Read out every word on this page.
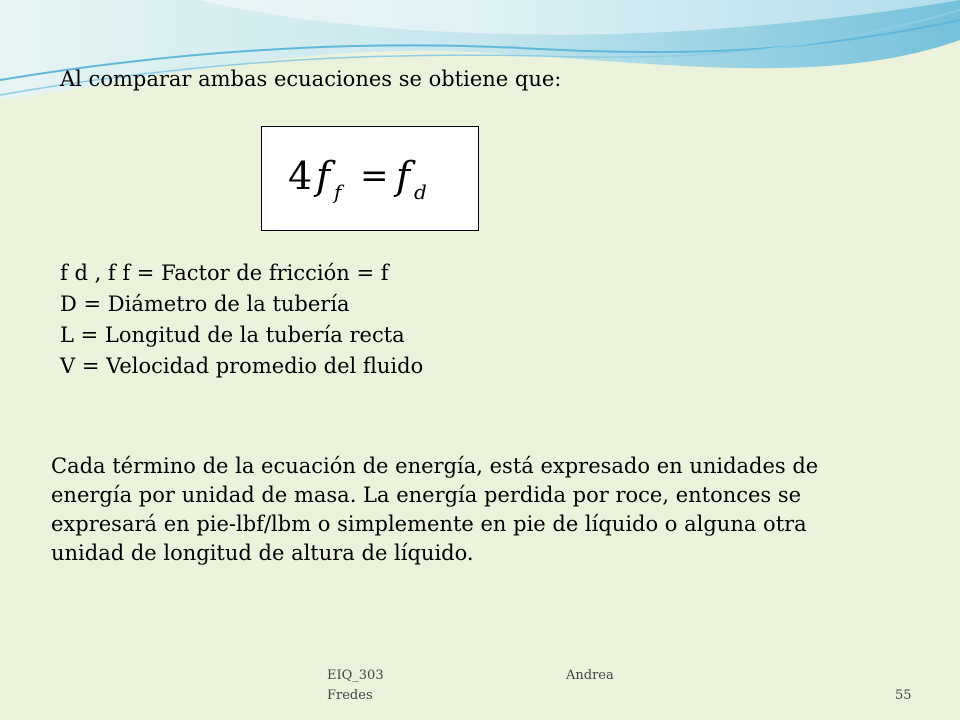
Al comparar ambas ecuaciones se obtiene que:
4 f f = f d
f d , f f = Factor de fricción = f
D = Diámetro de la tubería
L = Longitud de la tubería recta
V = Velocidad promedio del fluido
Cada término de la ecuación de energía, está expresado en unidades de
energía por unidad de masa. La energía perdida por roce, entonces se
expresará en pie-lbf/lbm o simplemente en pie de líquido o alguna otra
unidad de longitud de altura de líquido.
EIQ_303	Andrea
Fredes	55
